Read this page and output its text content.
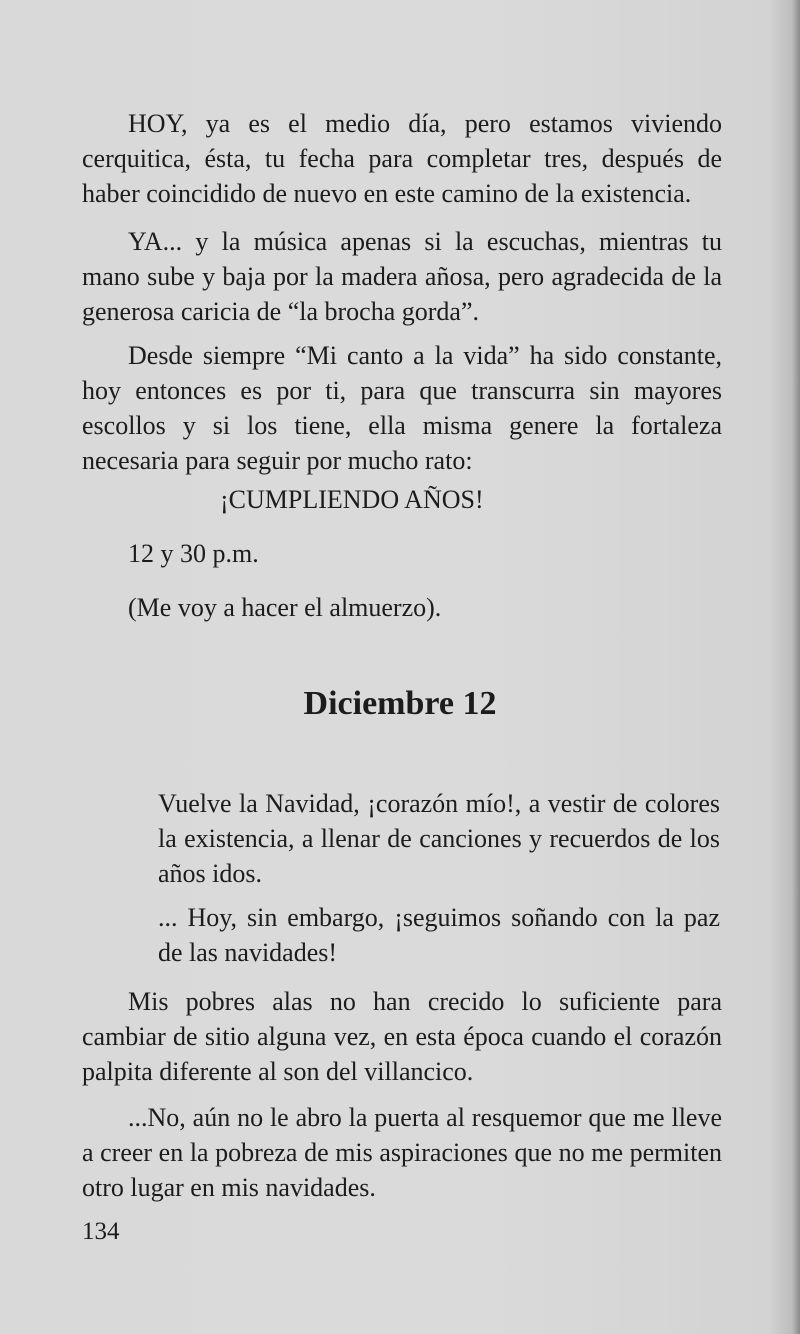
HOY, ya es el medio día, pero estamos viviendo cerquitica, ésta, tu fecha para completar tres, después de haber coincidido de nuevo en este camino de la existencia.

YA... y la música apenas si la escuchas, mientras tu mano sube y baja por la madera añosa, pero agradecida de la generosa caricia de “la brocha gorda”.

Desde siempre “Mi canto a la vida” ha sido constante, hoy entonces es por ti, para que transcurra sin mayores escollos y si los tiene, ella misma genere la fortaleza necesaria para seguir por mucho rato:

¡CUMPLIENDO AÑOS!

12 y 30 p.m.

(Me voy a hacer el almuerzo).

Diciembre 12

Vuelve la Navidad, ¡corazón mío!, a vestir de colores la existencia, a llenar de canciones y recuerdos de los años idos.

... Hoy, sin embargo, ¡seguimos soñando con la paz de las navidades!

Mis pobres alas no han crecido lo suficiente para cambiar de sitio alguna vez, en esta época cuando el corazón palpita diferente al son del villancico.

...No, aún no le abro la puerta al resquemor que me lleve a creer en la pobreza de mis aspiraciones que no me permiten otro lugar en mis navidades.

134
